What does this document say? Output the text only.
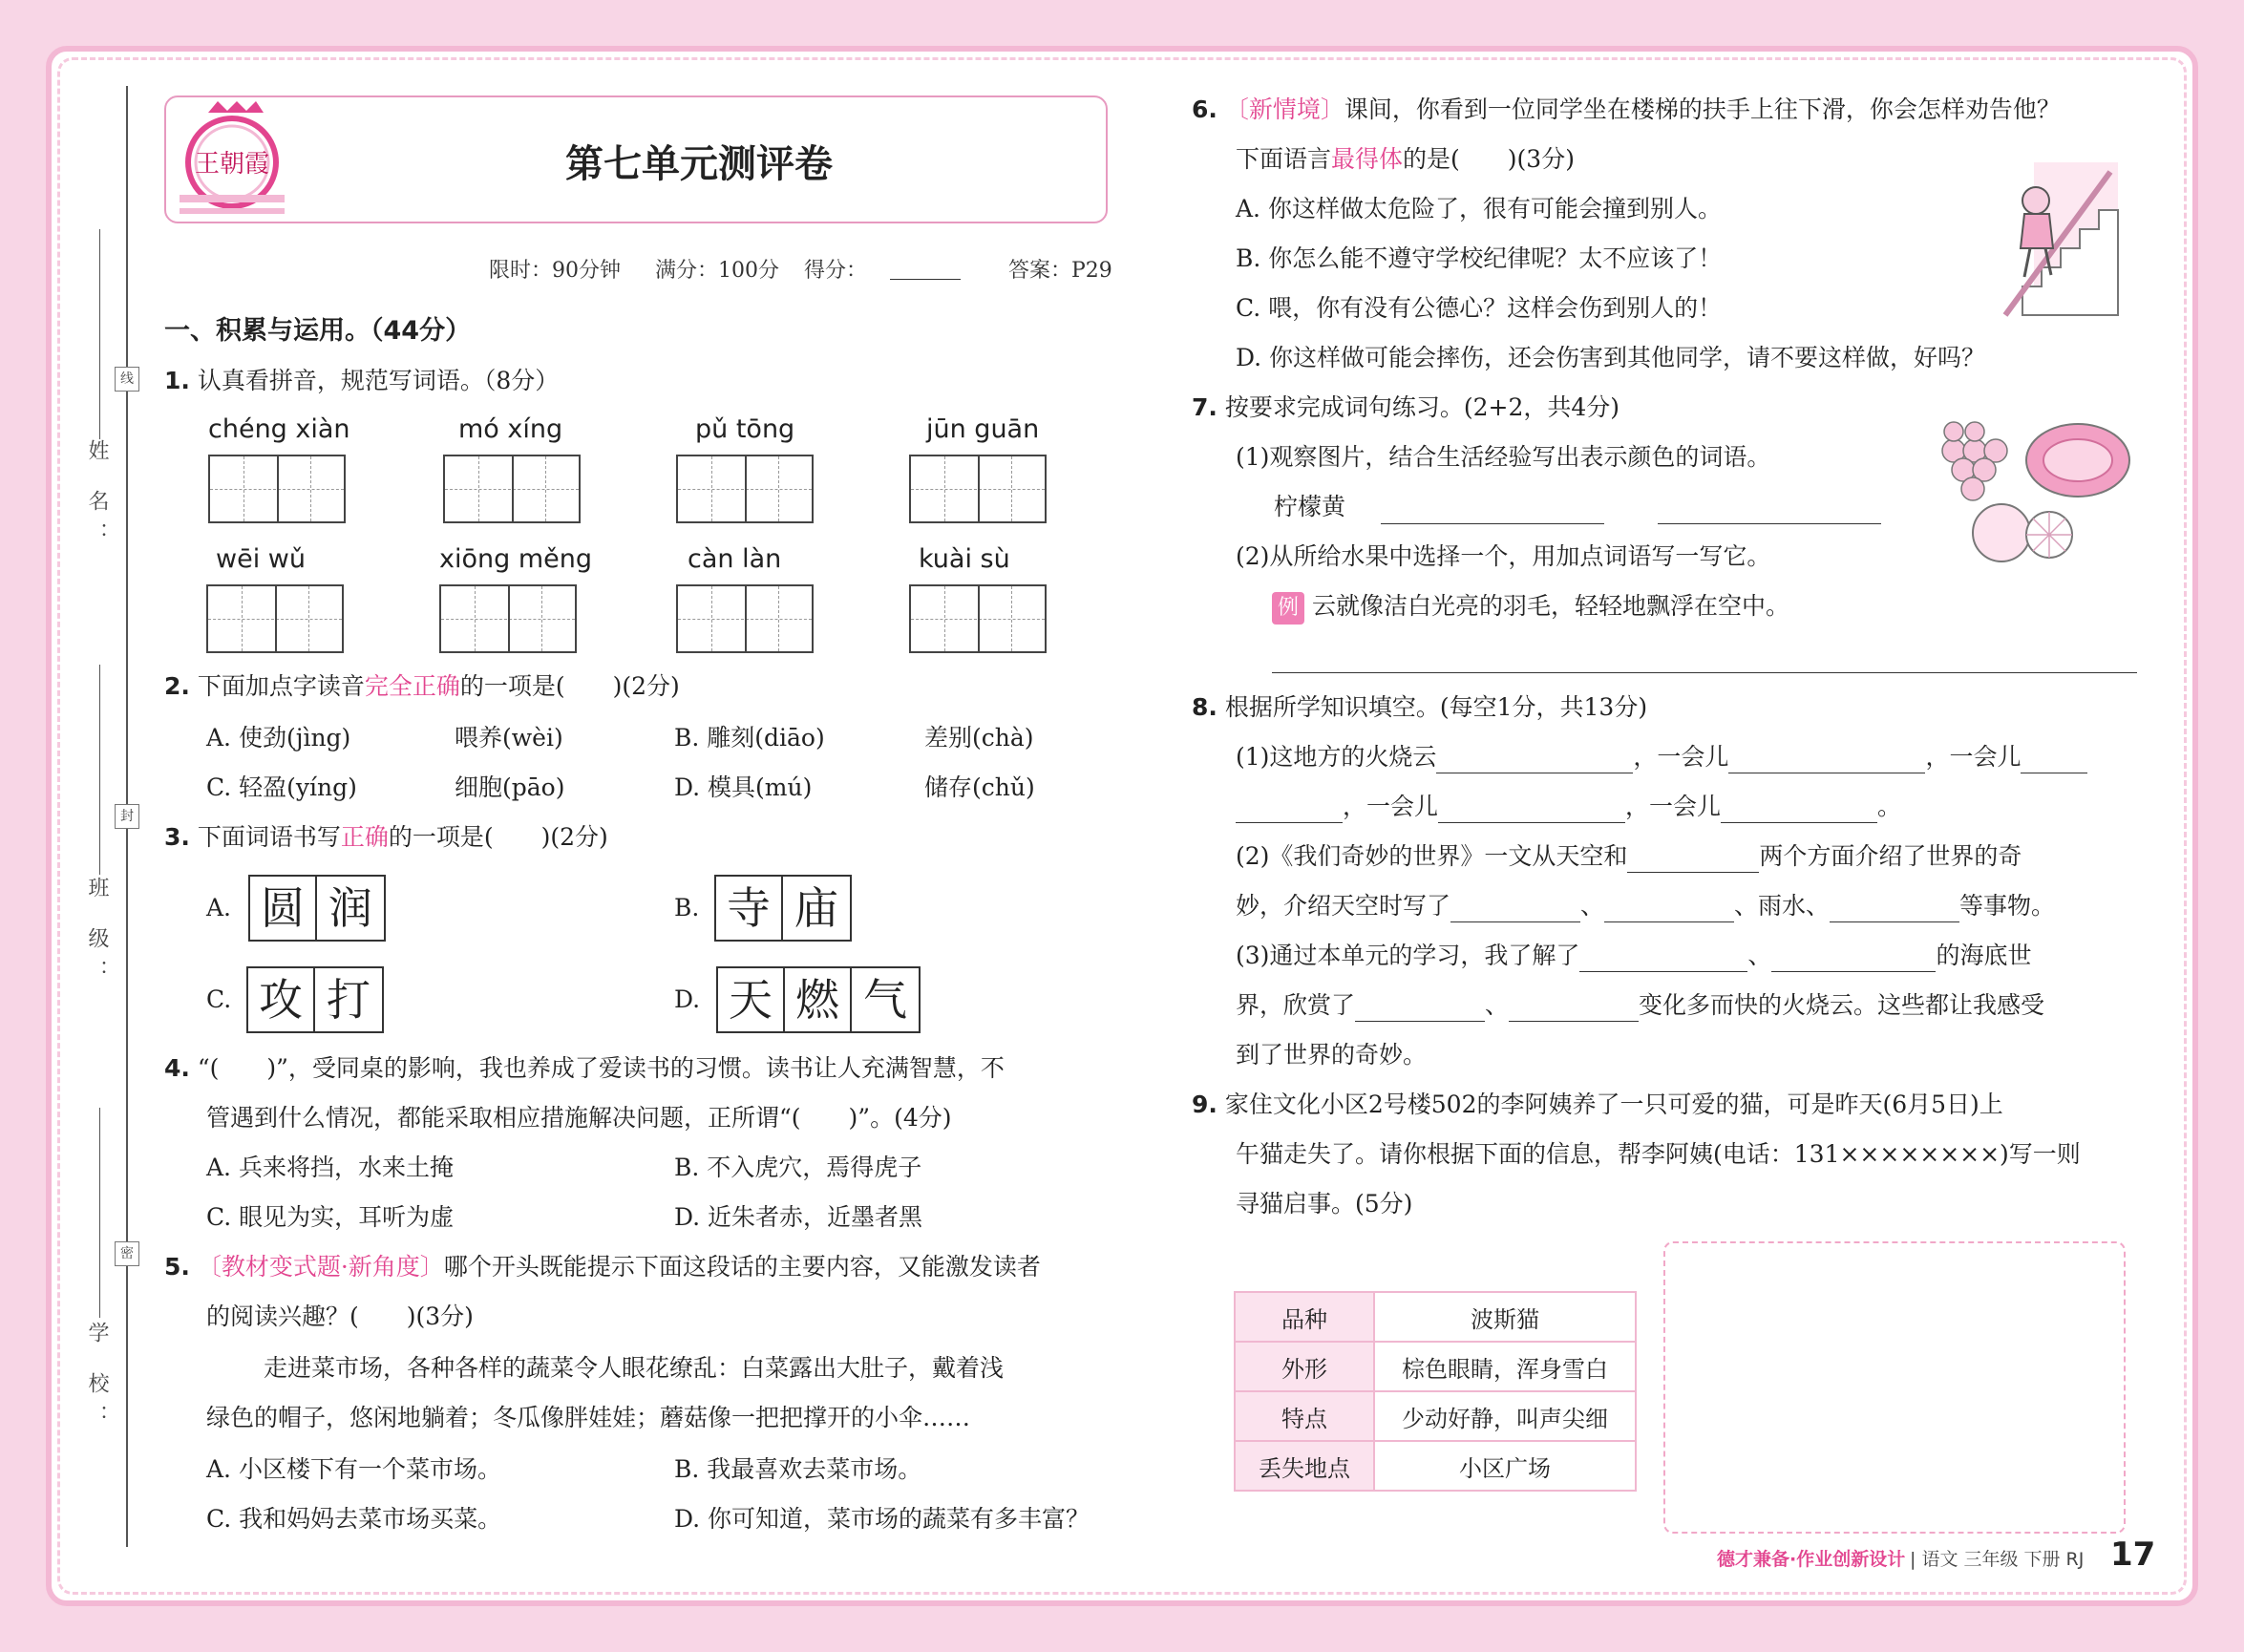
线
封
密
姓 名：
班 级：
学 校：
王朝霞	第七单元测评卷
限时：90分钟 满分：100分 得分：	答案：P29
一、积累与运用。（44分）
1. 认真看拼音，规范写词语。（8分）
chéng xiàn	mó xíng	pǔ tōng	jūn guān
wēi wǔ	xiōng měng	càn làn	kuài sù
2. 下面加点字读音完全正确的一项是(　　)(2分)
A. 使劲(jìng)	喂养(wèi)	B. 雕刻(diāo)	差别(chà)
C. 轻盈(yíng)	细胞(pāo)	D. 模具(mú)	储存(chǔ)
3. 下面词语书写正确的一项是(　　)(2分)
A. 圆 润	B. 寺 庙
C. 攻 打	D. 天 燃 气
4. “(　　)”，受同桌的影响，我也养成了爱读书的习惯。读书让人充满智慧，不
管遇到什么情况，都能采取相应措施解决问题，正所谓“(　　)”。(4分)
A. 兵来将挡，水来土掩	B. 不入虎穴，焉得虎子
C. 眼见为实，耳听为虚	D. 近朱者赤，近墨者黑
5. 〔教材变式题·新角度〕哪个开头既能提示下面这段话的主要内容，又能激发读者
的阅读兴趣？(　　)(3分)
走进菜市场，各种各样的蔬菜令人眼花缭乱：白菜露出大肚子，戴着浅
绿色的帽子，悠闲地躺着；冬瓜像胖娃娃；蘑菇像一把把撑开的小伞……
A. 小区楼下有一个菜市场。	B. 我最喜欢去菜市场。
C. 我和妈妈去菜市场买菜。	D. 你可知道，菜市场的蔬菜有多丰富？
6. 〔新情境〕课间，你看到一位同学坐在楼梯的扶手上往下滑，你会怎样劝告他？
下面语言最得体的是(　　)(3分)
A. 你这样做太危险了，很有可能会撞到别人。
B. 你怎么能不遵守学校纪律呢？太不应该了！
C. 喂，你有没有公德心？这样会伤到别人的！
D. 你这样做可能会摔伤，还会伤害到其他同学，请不要这样做，好吗？
7. 按要求完成词句练习。(2+2，共4分)
(1)观察图片，结合生活经验写出表示颜色的词语。
柠檬黄
(2)从所给水果中选择一个，用加点词语写一写它。
例 云就像洁白光亮的羽毛，轻轻地飘浮在空中。
8. 根据所学知识填空。(每空1分，共13分)
(1)这地方的火烧云	，一会儿	，一会儿
，一会儿	，一会儿	。
(2)《我们奇妙的世界》一文从天空和	两个方面介绍了世界的奇
妙，介绍天空时写了	、	、雨水、	等事物。
(3)通过本单元的学习，我了解了	、	的海底世
界，欣赏了	、	变化多而快的火烧云。这些都让我感受
到了世界的奇妙。
9. 家住文化小区2号楼502的李阿姨养了一只可爱的猫，可是昨天(6月5日)上
午猫走失了。请你根据下面的信息，帮李阿姨(电话：131××××××××)写一则
寻猫启事。(5分)
品种	波斯猫
外形	棕色眼睛，浑身雪白
特点	少动好静，叫声尖细
丢失地点	小区广场
德才兼备·作业创新设计 | 语文 三年级 下册 RJ 17
